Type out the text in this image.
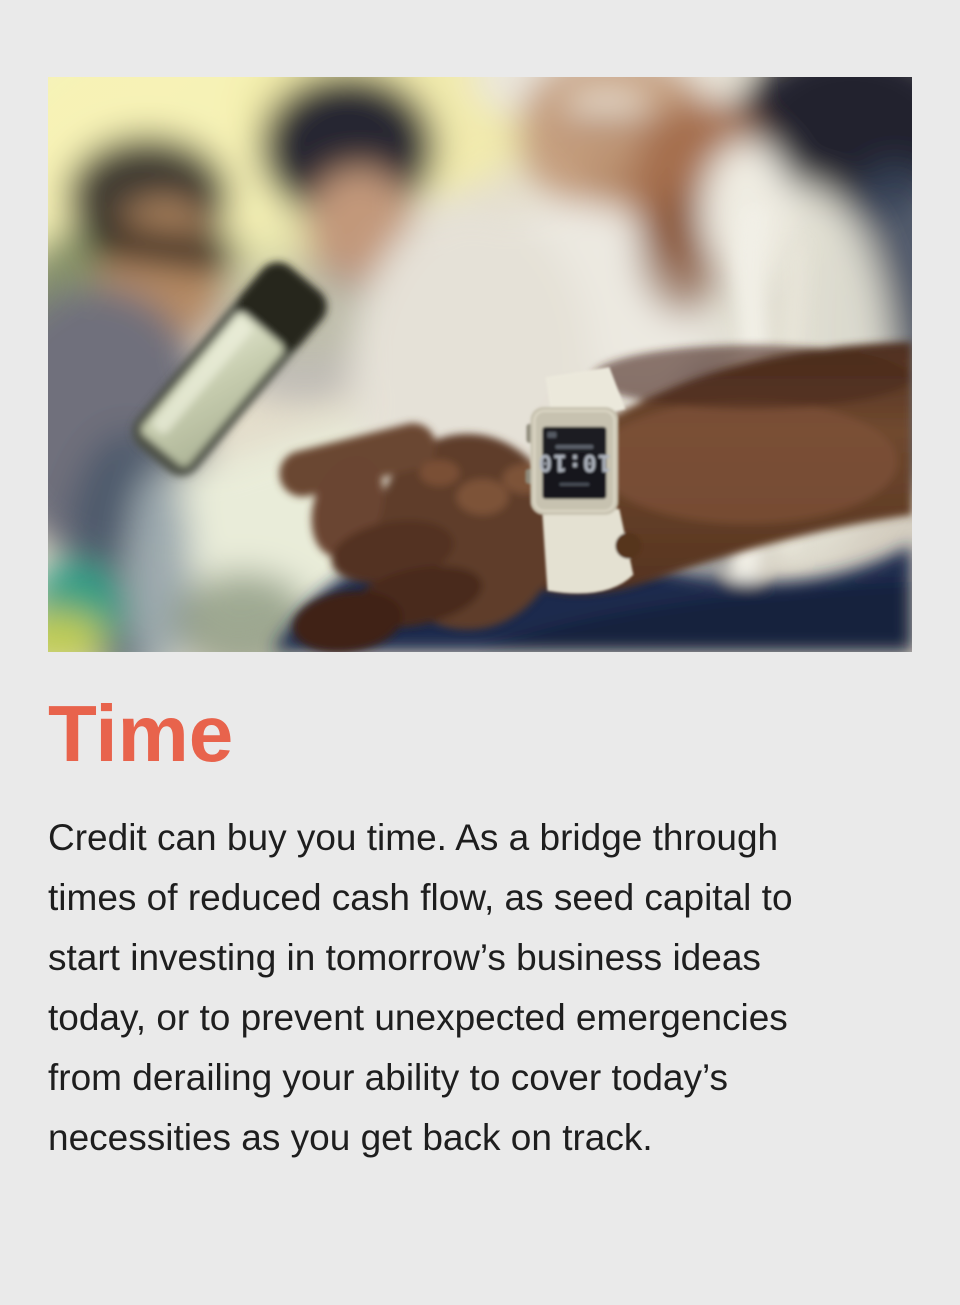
10:10
Time
Credit can buy you time. As a bridge through
times of reduced cash flow, as seed capital to
start investing in tomorrow’s business ideas
today, or to prevent unexpected emergencies
from derailing your ability to cover today’s
necessities as you get back on track.
